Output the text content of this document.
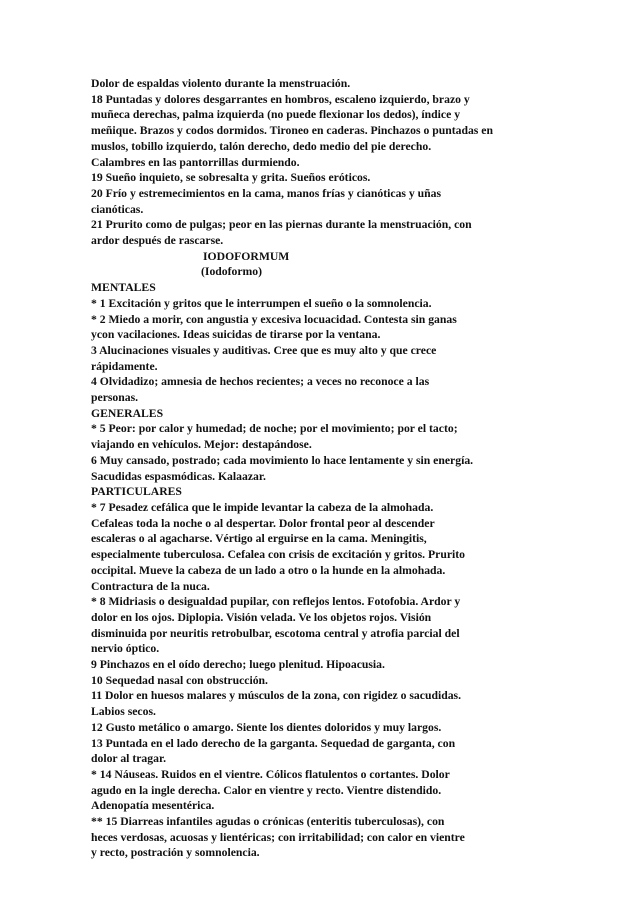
Dolor de espaldas violento durante la menstruación.
18 Puntadas y dolores desgarrantes en hombros, escaleno izquierdo, brazo y
muñeca derechas, palma izquierda (no puede flexionar los dedos), índice y
meñique. Brazos y codos dormidos. Tironeo en caderas. Pinchazos o puntadas en
muslos, tobillo izquierdo, talón derecho, dedo medio del pie derecho.
Calambres en las pantorrillas durmiendo.
19 Sueño inquieto, se sobresalta y grita. Sueños eróticos.
20 Frío y estremecimientos en la cama, manos frías y cianóticas y uñas
cianóticas.
21 Prurito como de pulgas; peor en las piernas durante la menstruación, con
ardor después de rascarse.
IODOFORMUM
(Iodoformo)
MENTALES
* 1 Excitación y gritos que le interrumpen el sueño o la somnolencia.
* 2 Miedo a morir, con angustia y excesiva locuacidad. Contesta sin ganas
ycon vacilaciones. Ideas suicidas de tirarse por la ventana.
3 Alucinaciones visuales y auditivas. Cree que es muy alto y que crece
rápidamente.
4 Olvidadizo; amnesia de hechos recientes; a veces no reconoce a las
personas.
GENERALES
* 5 Peor: por calor y humedad; de noche; por el movimiento; por el tacto;
viajando en vehículos. Mejor: destapándose.
6 Muy cansado, postrado; cada movimiento lo hace lentamente y sin energía.
Sacudidas espasmódicas. Kalaazar.
PARTICULARES
* 7 Pesadez cefálica que le impide levantar la cabeza de la almohada.
Cefaleas toda la noche o al despertar. Dolor frontal peor al descender
escaleras o al agacharse. Vértigo al erguirse en la cama. Meningitis,
especialmente tuberculosa. Cefalea con crisis de excitación y gritos. Prurito
occipital. Mueve la cabeza de un lado a otro o la hunde en la almohada.
Contractura de la nuca.
* 8 Midriasis o desigualdad pupilar, con reflejos lentos. Fotofobia. Ardor y
dolor en los ojos. Diplopia. Visión velada. Ve los objetos rojos. Visión
disminuida por neuritis retrobulbar, escotoma central y atrofia parcial del
nervio óptico.
9 Pinchazos en el oído derecho; luego plenitud. Hipoacusia.
10 Sequedad nasal con obstrucción.
11 Dolor en huesos malares y músculos de la zona, con rigidez o sacudidas.
Labios secos.
12 Gusto metálico o amargo. Siente los dientes doloridos y muy largos.
13 Puntada en el lado derecho de la garganta. Sequedad de garganta, con
dolor al tragar.
* 14 Náuseas. Ruidos en el vientre. Cólicos flatulentos o cortantes. Dolor
agudo en la ingle derecha. Calor en vientre y recto. Vientre distendido.
Adenopatía mesentérica.
** 15 Diarreas infantiles agudas o crónicas (enteritis tuberculosas), con
heces verdosas, acuosas y lientéricas; con irritabilidad; con calor en vientre
y recto, postración y somnolencia.
